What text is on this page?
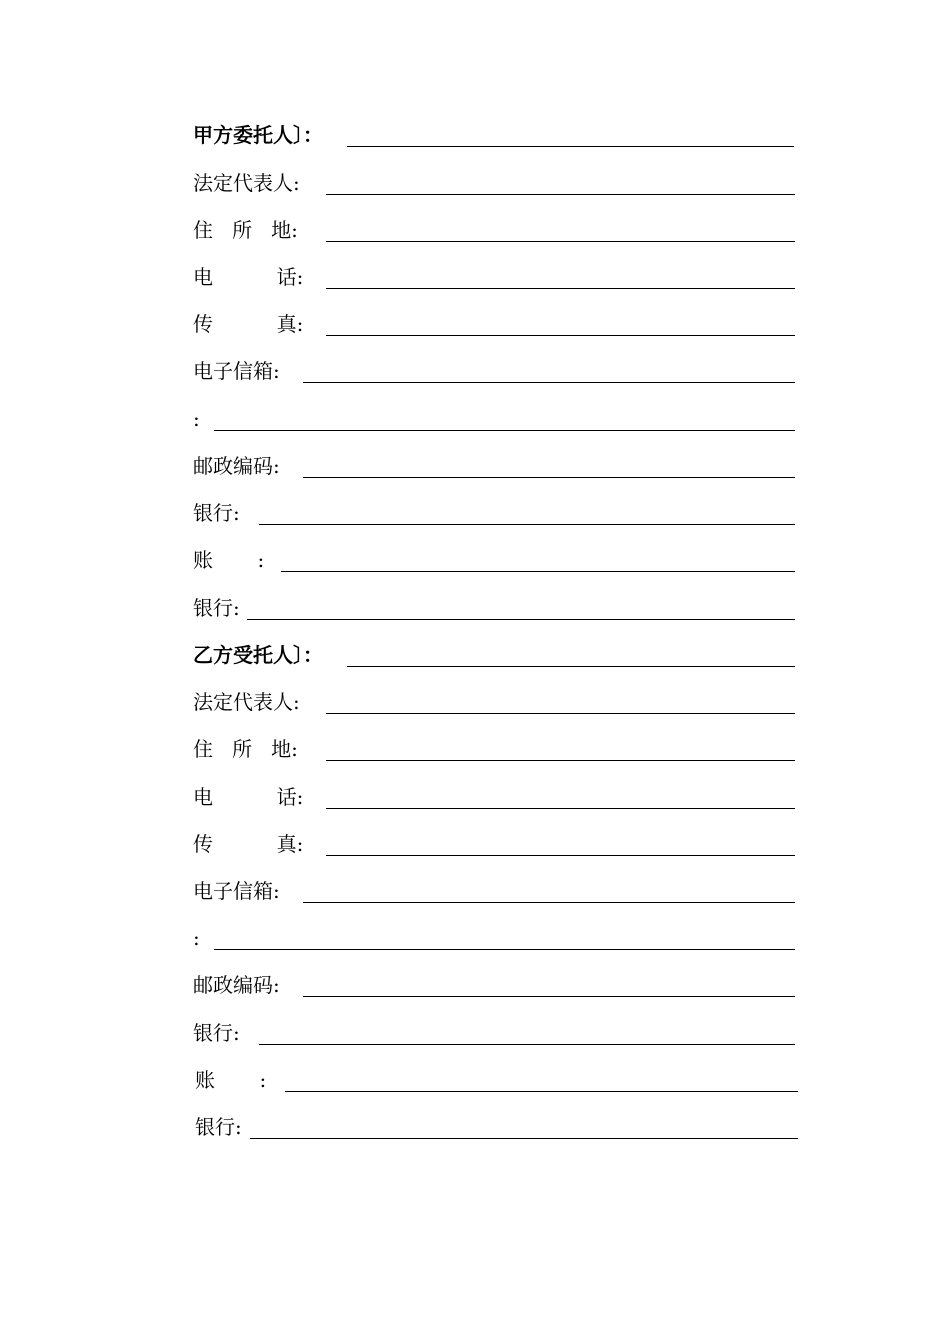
甲方委托人〕：
法定代表人:
住   所   地:
电          话:
传          真:
电子信箱:
:
邮政编码:
银行:
账       :
银行:
乙方受托人〕：
法定代表人:
住   所   地:
电          话:
传          真:
电子信箱:
:
邮政编码:
银行:
账       :
银行:
